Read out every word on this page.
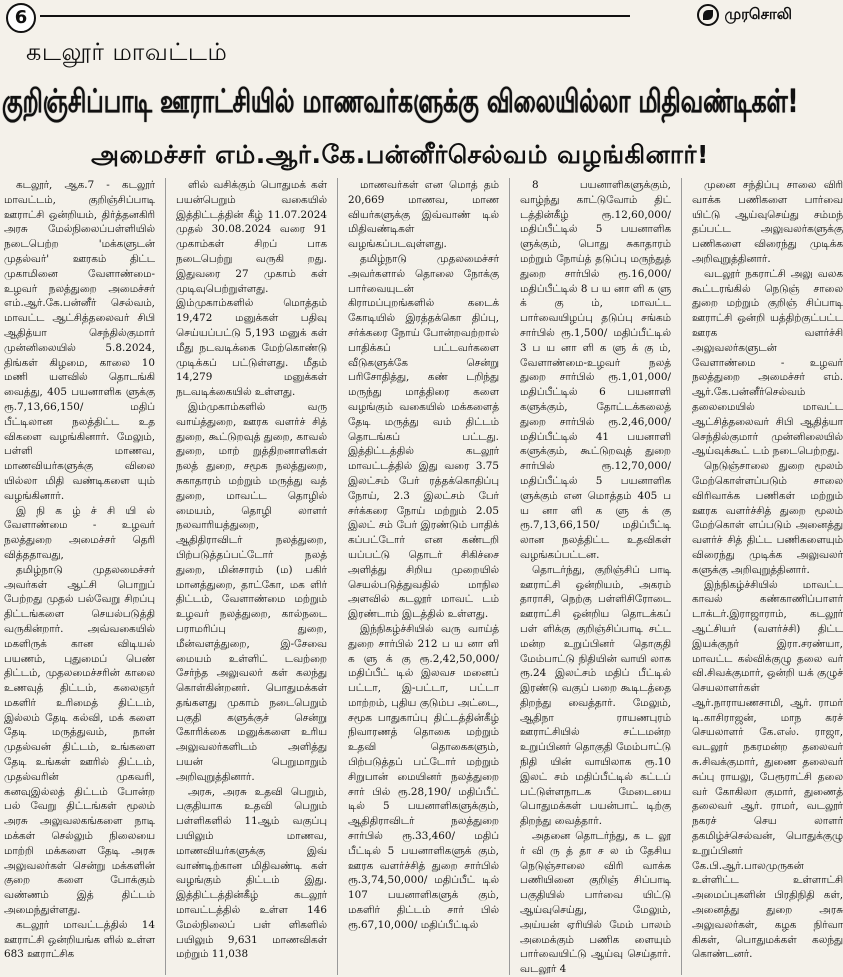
6	முரசொலி
கடலூர் மாவட்டம்
குறிஞ்சிப்பாடி ஊராட்சியில் மாணவர்களுக்கு விலையில்லா மிதிவண்டிகள்!
அமைச்சர் எம்.ஆர்.கே.பன்னீர்செல்வம் வழங்கினார்!

கடலூர், ஆக.7 - கடலூர் மாவட்டம், குறிஞ்சிப்பாடி ஊராட்சி ஒன்றியம், திர்த்தனகிரி அரசு மேல்நிலைப்பள்ளியில் நடைபெற்ற 'மக்களுடன் முதல்வர்' ஊரகம் திட்ட முகாமினை வேளாண்மை-உழவர் நலத்துறை அமைச்சர் எம்.ஆர்.கே.பன்னீர் செல்வம், மாவட்ட ஆட்சித்தலைவர் சிபி ஆதித்யா செந்தில்குமார் முன்னிலையில் 5.8.2024, திங்கள் கிழமை, காலை 10 மணி யளவில் தொடங்கி வைத்து, 405 பயனாளிக ளுக்கு ரூ.7,13,66,150/ மதிப் பீட்டிலான நலத்திட்ட உத விகளை வழங்கினார். மேலும், பள்ளி மாணவ, மாணவியர்களுக்கு விலை யில்லா மிதி வண்டிகளை யும் வழங்கினார்.

இ நி க ழ் ச் சி யி ல் வேளாண்மை - உழவர் நலத்துறை அமைச்சர் தெரி வித்ததாவது,

தமிழ்நாடு முதலமைச்சர் அவர்கள் ஆட்சி பொறுப் பேற்றது முதல் பல்வேறு சிறப்பு திட்டங்களை செயல்படுத்தி வருகின்றார். அவ்வகையில் மகளிருக் கான விடியல் பயணம், புதுமைப் பெண் திட்டம், முதலமைச்சரின் காலை உணவுத் திட்டம், கலைஞர் மகளிர் உரிமைத் திட்டம், இல்லம் தேடி கல்வி, மக் களை தேடி மருத்துவம், நான் முதல்வன் திட்டம், உங்களை தேடி உங்கள் ஊரில் திட்டம், முதல்வரின் முகவரி, கனவுஇல்லத் திட்டம் போன்ற பல் வேறு திட்டங்கள் மூலம் அரசு அலுவலகங்களை நாடி மக்கள் செல்லும் நிலையை மாற்றி மக்களை தேடி அரசு அலுவலர்கள் சென்று மக்களின் குறை களை போக்கும் வண்ணம் இத் திட்டம் அமைந்துள்ளது.

கடலூர் மாவட்டத்தில் 14 ஊராட்சி ஒன்றியங்க ளில் உள்ள 683 ஊராட்சிக

ளில் வசிக்கும் பொதுமக் கள் பயன்பெறும் வகையில் இத்திட்டத்தின் கீழ் 11.07.2024 முதல் 30.08.2024 வரை 91 முகாம்கள் சிறப் பாக நடைபெற்று வருகி றது. இதுவரை 27 முகாம் கள் முடிவுபெற்றுள்ளது. இம்முகாம்களில் மொத்தம் 19,472 மனுக்கள் பதிவு செய்யப்பட்டு 5,193 மனுக் கள் மீது நடவடிக்கை மேற்கொண்டு முடிக்கப் பட்டுள்ளது. மீதம் 14,279 மனுக்கள் நடவடிக்கையில் உள்ளது.

இம்முகாம்களில் வரு வாய்த்துறை, ஊரக வளர்ச் சித் துறை, கூட்டுறவுத் துறை, காவல் துறை, மாற் றுத்திறனாளிகள் நலத் துறை, சமூக நலத்துறை, சுகாதாரம் மற்றும் மருத்து வத் துறை, மாவட்ட தொழில் மையம், தொழி லாளர் நலவாரியத்துறை, ஆதிதிராவிடர் நலத்துறை, பிற்படுத்தப்பட்டோர் நலத் துறை, மின்சாரம் (ம) பகிர் மானத்துறை, தாட்கோ, மக ளிர் திட்டம், வேளாண்மை மற்றும் உழவர் நலத்துறை, கால்நடை பராமரிப்பு துறை, மீன்வளத்துறை, இ-சேவை மையம் உள்ளிட் டவற்றை சேர்ந்த அலுவலர் கள் கலந்து கொள்கின்றனர். பொதுமக்கள் தங்களது முகாம் நடைபெறும் பகுதி களுக்குச் சென்று கோரிக்கை மனுக்களை உரிய அலுவலர்களிடம் அளித்து பயன் பெறுமாறும் அறிவுறுத்தினார்.

அரசு, அரசு உதவி பெறும், பகுதியாக உதவி பெறும் பள்ளிகளில் 11ஆம் வகுப்பு பயிலும் மாணவ, மாணவியர்களுக்கு இவ் வாண்டிற்கான மிதிவண்டி கள் வழங்கும் திட்டம் இது. இத்திட்டத்தின்கீழ் கடலூர் மாவட்டத்தில் உள்ள 146 மேல்நிலைப் பள் ளிகளில் பயிலும் 9,631 மாணவிகள் மற்றும் 11,038

மாணவர்கள் என மொத் தம் 20,669 மாணவ, மாண வியர்களுக்கு இவ்வாண் டில் மிதிவண்டிகள் வழங்கப்படவுள்ளது.

தமிழ்நாடு முதலமைச்சர் அவர்களால் தொலை நோக்கு பார்வையுடன் கிராமப்புறங்களில் கடைக் கோடியில் இரத்தக்கொ திப்பு, சர்க்கரை நோய் போன்றவற்றால் பாதிக்கப் பட்டவர்களை வீடுகளுக்கே சென்று பரிசோதித்து, கண் டறிந்து மருந்து மாத்திரை களை வழங்கும் வகையில் மக்களைத் தேடி மருத்து வம் திட்டம் தொடங்கப் பட்டது. இத்திட்டத்தில் கடலூர் மாவட்டத்தில் இது வரை 3.75 இலட்சம் பேர் ரத்தக்கொதிப்பு நோய், 2.3 இலட்சம் பேர் சர்க்கரை நோய் மற்றும் 2.05 இலட் சம் பேர் இரண்டும் பாதிக் கப்பட்டோர் என கண்டறி யப்பட்டு தொடர் சிகிச்சை அளித்து சிறிய முறையில் செயல்படுத்துவதில் மாநில அளவில் கடலூர் மாவட் டம் இரண்டாம் இடத்தில் உள்ளது.

இந்நிகழ்ச்சியில் வரு வாய்த் துறை சார்பில் 212 ப ய னா ளி க ளு க் கு ரூ.2,42,50,000/ மதிப்பீட் டில் இலவச மனைப் பட்டா, இ-பட்டா, பட்டா மாற்றம், புதிய குடும்ப அட்டை, சமூக பாதுகாப்பு திட்டத்தின்கீழ் நிவாரணத் தொகை மற்றும் உதவி தொகைகளும், பிற்படுத்தப் பட்டோர் மற்றும் சிறுபான் மையினர் நலத்துறை சார் பில் ரூ.28,190/ மதிப்பீட் டில் 5 பயனாளிகளுக்கும், ஆதிதிராவிடர் நலத்துறை சார்பில் ரூ.33,460/ மதிப் பீட்டில் 5 பயனாளிகளுக் கும், ஊரக வளர்ச்சித் துறை சார்பில் ரூ.3,74,50,000/ மதிப்பீட் டில் 107 பயனாளிகளுக் கும், மகளிர் திட்டம் சார் பில் ரூ.67,10,000/ மதிப்பீட்டில்

8 பயனாளிகளுக்கும், வாழ்ந்து காட்டுவோம் திட் டத்தின்கீழ் ரூ.12,60,000/ மதிப்பீட்டில் 5 பயனாளிக ளுக்கும், பொது சுகாதாரம் மற்றும் நோய்த் தடுப்பு மருந்துத் துறை சார்பில் ரூ.16,000/ மதிப்பீட்டில் 8 ப ய னா ளி க ளு க் கு ம், மாவட்ட பார்வையிழப்பு தடுப்பு சங்கம் சார்பில் ரூ.1,500/ மதிப்பீட்டில் 3 ப ய னா ளி க ளு க் கு ம், வேளாண்மை-உழவர் நலத் துறை சார்பில் ரூ.1,01,000/ மதிப்பீட்டில் 6 பயனாளி களுக்கும், தோட்டக்கலைத் துறை சார்பில் ரூ.2,46,000/ மதிப்பீட்டில் 41 பயனாளி களுக்கும், கூட்டுறவுத் துறை சார்பில் ரூ.12,70,000/ மதிப்பீட்டில் 5 பயனாளிக ளுக்கும் என மொத்தம் 405 ப ய னா ளி க ளு க் கு ரூ.7,13,66,150/ மதிப்பீட்டி லான நலத்திட்ட உதவிகள் வழங்கப்பட்டன.

தொடர்ந்து, குறிஞ்சிப் பாடி ஊராட்சி ஒன்றியம், அகரம் தாராசி, நெற்கு பள்ளிசிரோடை ஊராட்சி ஒன்றிய தொடக்கப் பள் ளிக்கு குறிஞ்சிப்பாடி சட்ட மன்ற உறுப்பினர் தொகுதி மேம்பாட்டு நிதியின் வாயி லாக ரூ.24 இலட்சம் மதிப் பீட்டில் இரண்டு வகுப் பறை கூடிடத்தை திறந்து வைத்தார். மேலும், ஆதிநா ராயணபுரம் ஊராட்சியில் சட்டமன்ற உறுப்பினர் தொகுதி மேம்பாட்டு நிதி யின் வாயிலாக ரூ.10 இலட் சம் மதிப்பீட்டில் கட்டப் பட்டுள்ளநாடக மேடையை பொதுமக்கள் பயன்பாட் டிற்கு திறந்து வைத்தார்.

அதனை தொடர்ந்து, க ட லூ ர் வி ரு த் தா ச ல ம் தேசிய நெடுஞ்சாலை விரி வாக்க பணியினை குறிஞ் சிப்பாடி பகுதியில் பார்வை யிட்டு ஆய்வுசெய்து, மேலும், அய்யன் ஏரியில் மேம் பாலம் அமைக்கும் பணிக ளையும் பார்வையிட்டு ஆய்வு செய்தார். வடலூர் 4

முனை சந்திப்பு சாலை விரி வாக்க பணிகளை பார்வை யிட்டு ஆய்வுசெய்து சம்மந் தப்பட்ட அலுவலர்களுக்கு பணிகளை விரைந்து முடிக்க அறிவுறுத்தினார்.

வடலூர் நகராட்சி அலு வலக கூட்டரங்கில் நெடுஞ் சாலை துறை மற்றும் குறிஞ் சிப்பாடி ஊராட்சி ஒன்றி யத்திற்குட்பட்ட ஊரக வளர்ச்சி அலுவலர்களுடன் வேளாண்மை - உழவர் நலத்துறை அமைச்சர் எம். ஆர்.கே.பன்னீர்செல்வம் தலைமையில் மாவட்ட ஆட்சித்தலைவர் சிபி ஆதித்யா செந்தில்குமார் முன்னிலையில் ஆய்வுக்கூட் டம் நடைபெற்றது.

நெடுஞ்சாலை துறை மூலம் மேற்கொள்ளப்படும் சாலை விரிவாக்க பணிகள் மற்றும் ஊரக வளர்ச்சித் துறை மூலம் மேற்கொள் ளப்படும் அனைத்து வளர்ச் சித் திட்ட பணிகளையும் விரைந்து முடிக்க அலுவலர் களுக்கு அறிவுறுத்தினார்.

இந்நிகழ்ச்சியில் மாவட்ட காவல் கண்காணிப்பாளர் டாக்டர்.இராஜாராம், கடலூர் ஆட்சியர் (வளர்ச்சி) திட்ட இயக்குநர் இரா.சரண்யா, மாவட்ட கல்விக்குழு தலை வர் வி.சிவக்குமார், ஒன்றி யக் குழுச் செயலாளர்கள் ஆர்.நாராயணசாமி, ஆர். ராமர் டி.காசிராஜன், மாந கரச் செயலாளர் கே.எஸ். ராஜா, வடலூர் நகரமன்ற தலைவர் சு.சிவக்குமார், துணை தலைவர் சுப்பு ராயலு, பேரூராட்சி தலை வர் கோகிலா குமார், துணைத் தலைவர் ஆர். ராமர், வடலூர் நகரச் செய லாளர் தகமிழ்ச்செல்வன், பொதுக்குழு உறுப்பினர் கே.பி.ஆர்.பாலமுருகன் உள்ளிட்ட உள்ளாட்சி அமைப்புகளின் பிரதிநிதி கள், அனைத்து துறை அரசு அலுவலர்கள், கழக நிர்வா கிகள், பொதுமக்கள் கலந்து கொண்டனர்.
